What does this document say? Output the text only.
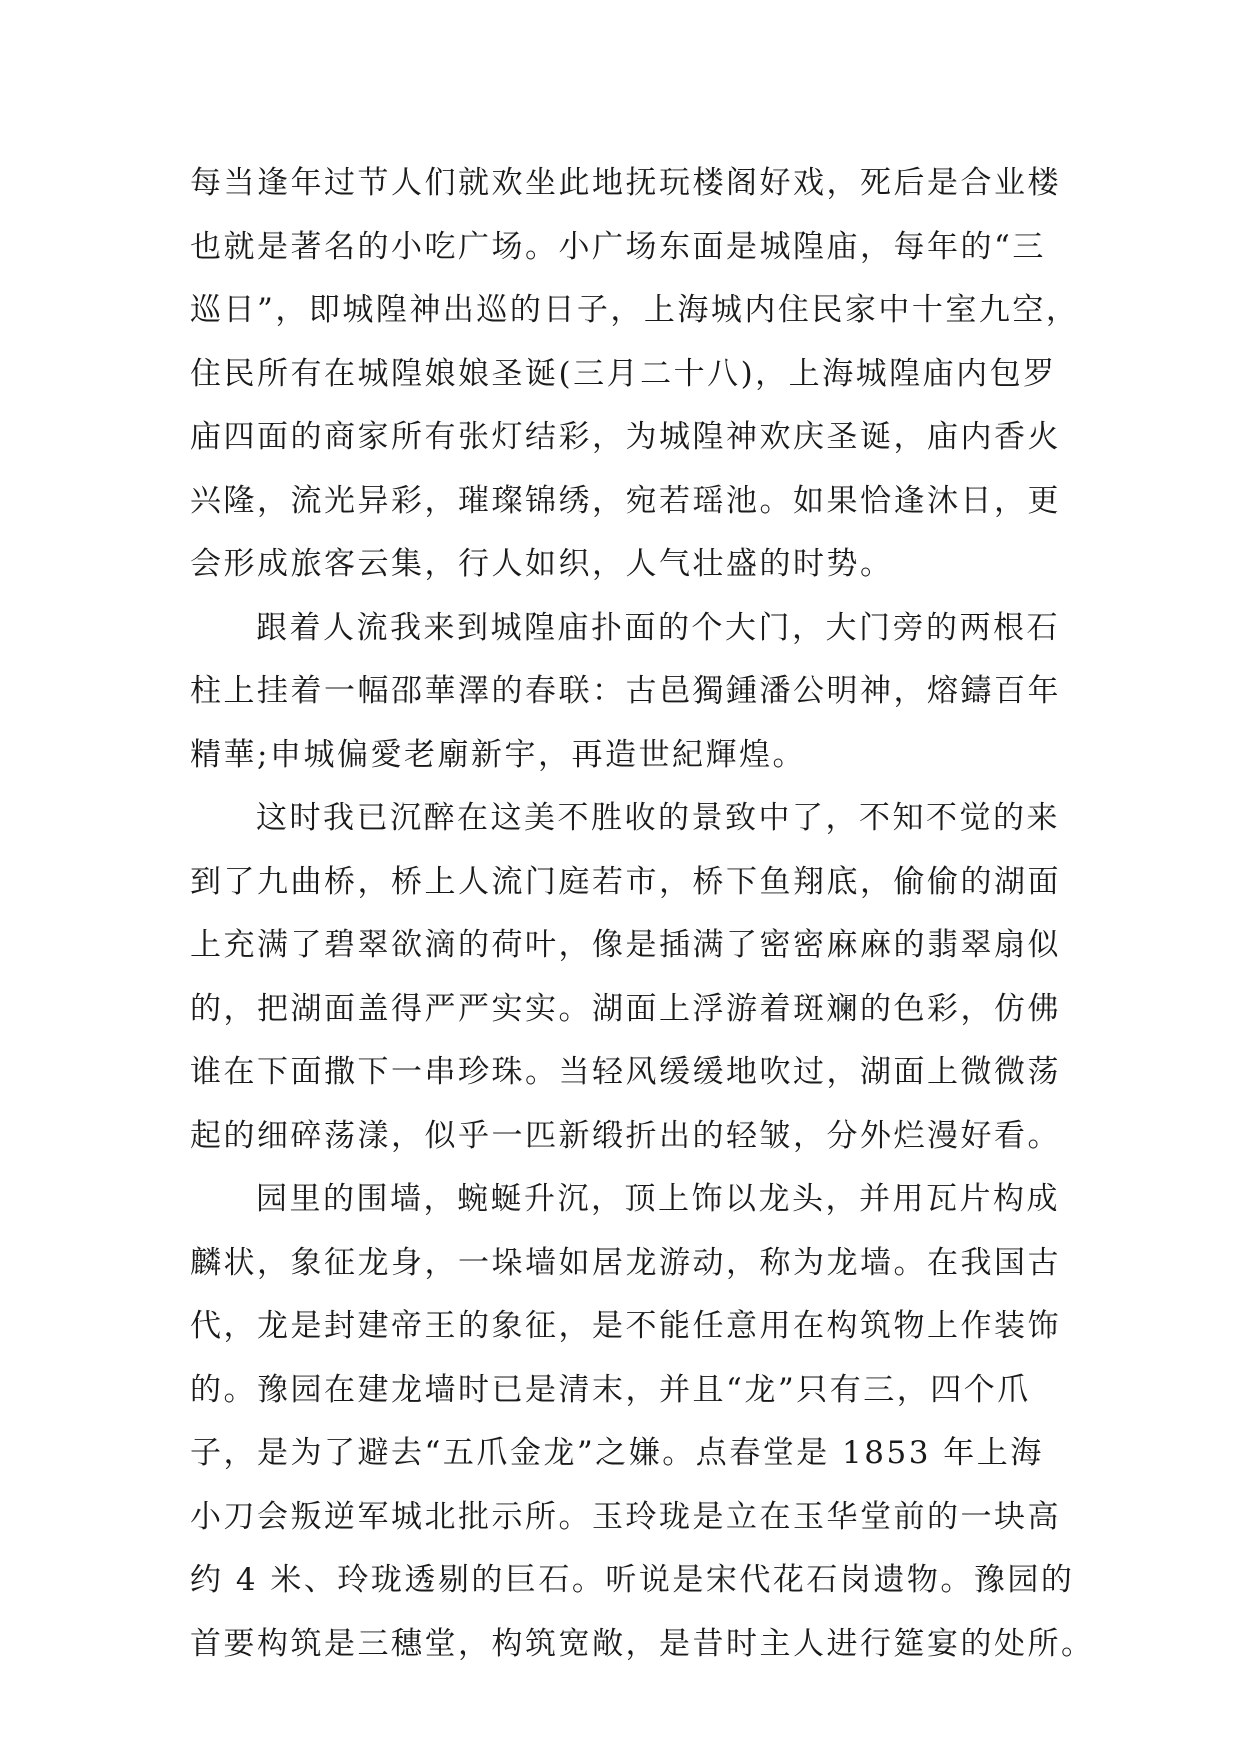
每当逢年过节人们就欢坐此地抚玩楼阁好戏，死后是合业楼
也就是著名的小吃广场。小广场东面是城隍庙，每年的“三
巡日”，即城隍神出巡的日子，上海城内住民家中十室九空，
住民所有在城隍娘娘圣诞(三月二十八)，上海城隍庙内包罗
庙四面的商家所有张灯结彩，为城隍神欢庆圣诞，庙内香火
兴隆，流光异彩，璀璨锦绣，宛若瑶池。如果恰逢沐日，更
会形成旅客云集，行人如织，人气壮盛的时势。
跟着人流我来到城隍庙扑面的个大门，大门旁的两根石
柱上挂着一幅邵華澤的春联：古邑獨鍾潘公明神，熔鑄百年
精華;申城偏愛老廟新宇，再造世紀輝煌。
这时我已沉醉在这美不胜收的景致中了，不知不觉的来
到了九曲桥，桥上人流门庭若市，桥下鱼翔底，偷偷的湖面
上充满了碧翠欲滴的荷叶，像是插满了密密麻麻的翡翠扇似
的，把湖面盖得严严实实。湖面上浮游着斑斓的色彩，仿佛
谁在下面撒下一串珍珠。当轻风缓缓地吹过，湖面上微微荡
起的细碎荡漾，似乎一匹新缎折出的轻皱，分外烂漫好看。
园里的围墙，蜿蜒升沉，顶上饰以龙头，并用瓦片构成
麟状，象征龙身，一垛墙如居龙游动，称为龙墙。在我国古
代，龙是封建帝王的象征，是不能任意用在构筑物上作装饰
的。豫园在建龙墙时已是清末，并且“龙”只有三，四个爪
子，是为了避去“五爪金龙”之嫌。点春堂是 1853 年上海
小刀会叛逆军城北批示所。玉玲珑是立在玉华堂前的一块高
约 4 米、玲珑透剔的巨石。听说是宋代花石岗遗物。豫园的
首要构筑是三穗堂，构筑宽敞，是昔时主人进行筵宴的处所。
